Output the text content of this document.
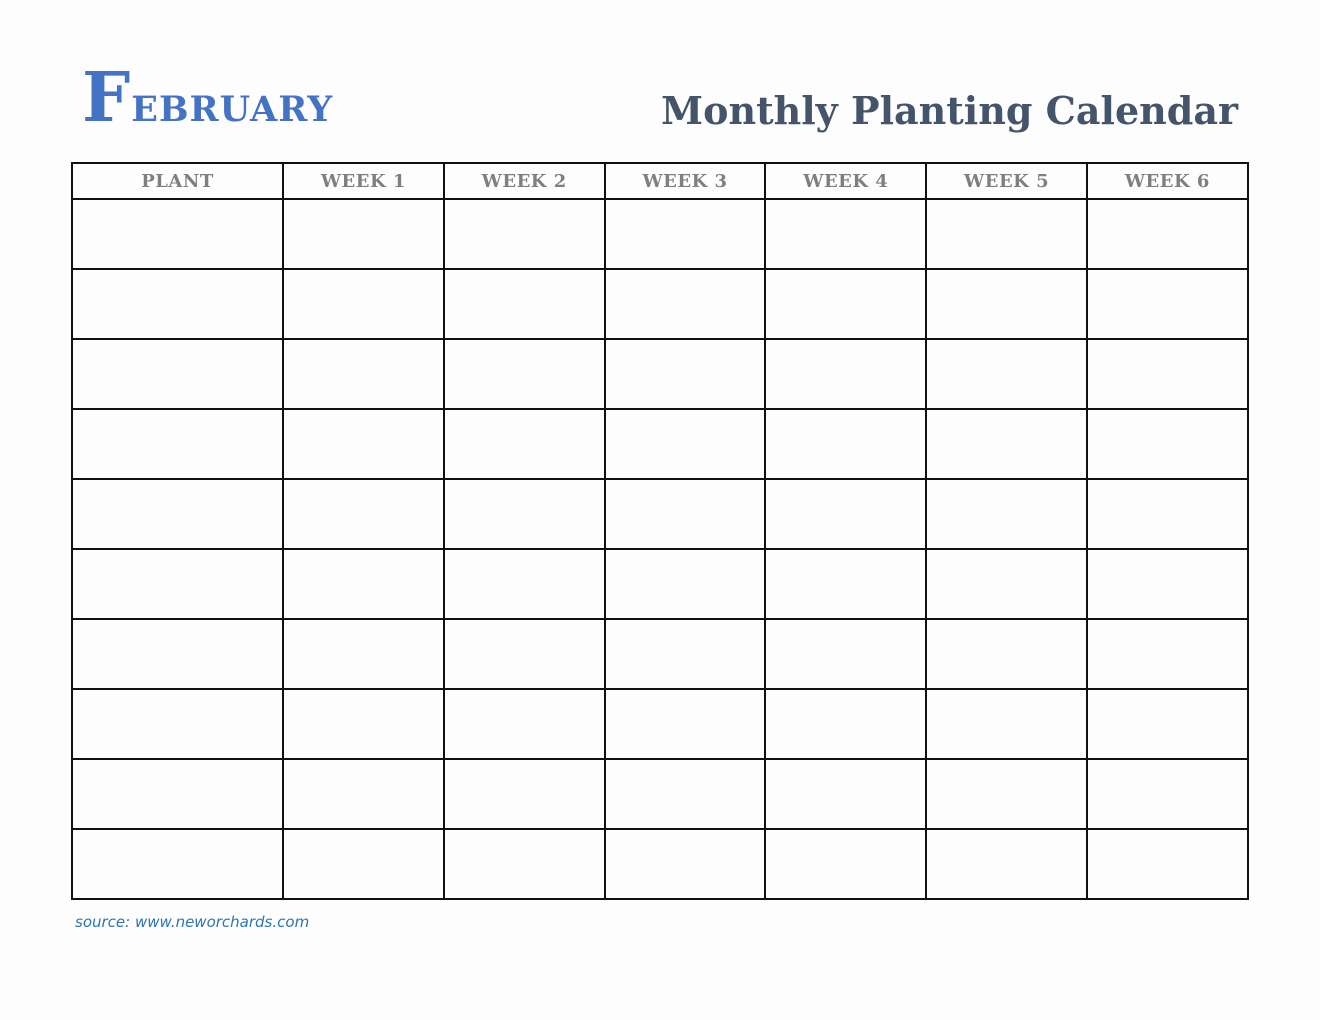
February	Monthly Planting Calendar
PLANT	WEEK 1	WEEK 2	WEEK 3	WEEK 4	WEEK 5	WEEK 6

source: www.neworchards.com
